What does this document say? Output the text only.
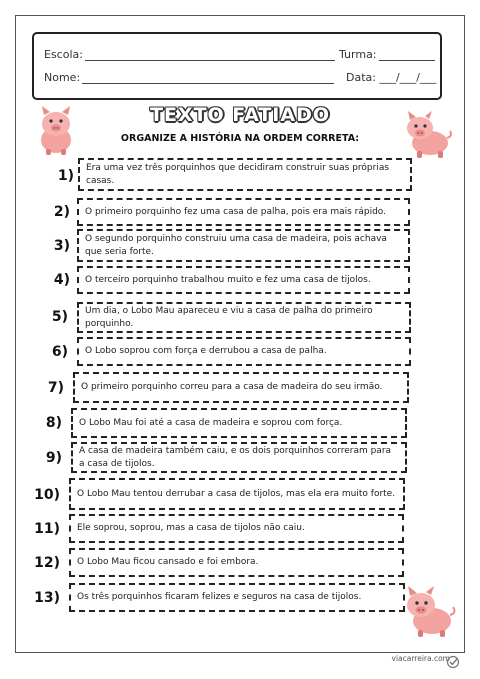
Escola:	Turma:
Nome:	Data: ___/___/___
TEXTO FATIADO
ORGANIZE A HISTÓRIA NA ORDEM CORRETA:
1)
Era uma vez três porquinhos que decidiram construir suas próprias casas.
2)	O primeiro porquinho fez uma casa de palha, pois era mais rápido.
3)	O segundo porquinho construiu uma casa de madeira, pois achava que seria forte.
4)	O terceiro porquinho trabalhou muito e fez uma casa de tijolos.
5)	Um dia, o Lobo Mau apareceu e viu a casa de palha do primeiro porquinho.
6)	O Lobo soprou com força e derrubou a casa de palha.
7)	O primeiro porquinho correu para a casa de madeira do seu irmão.
8)	O Lobo Mau foi até a casa de madeira e soprou com força.
9)	A casa de madeira também caiu, e os dois porquinhos correram para a casa de tijolos.
10)	O Lobo Mau tentou derrubar a casa de tijolos, mas ela era muito forte.
11)	Ele soprou, soprou, mas a casa de tijolos não caiu.
12)	O Lobo Mau ficou cansado e foi embora.
13)	Os três porquinhos ficaram felizes e seguros na casa de tijolos.
viacarreira.com
